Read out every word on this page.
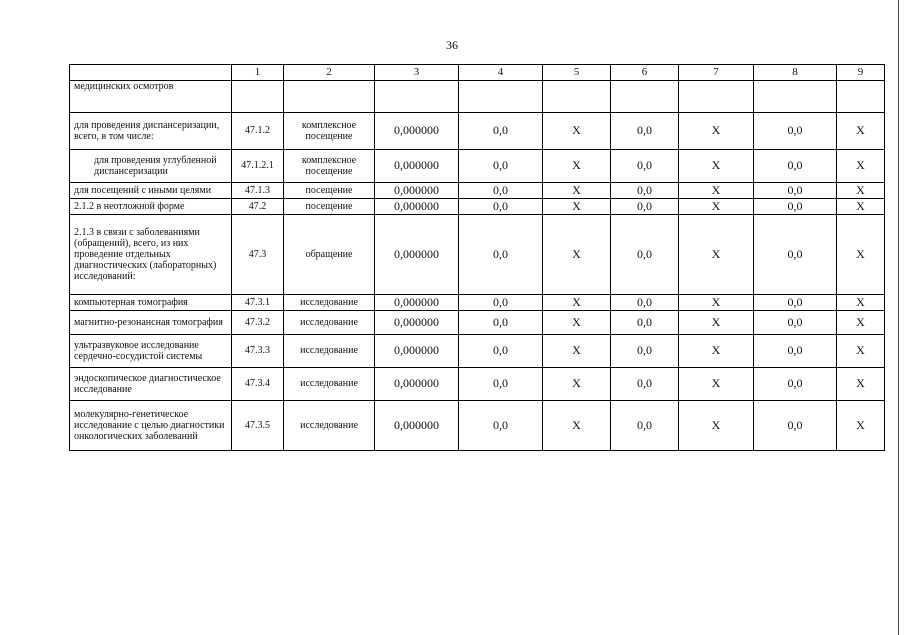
36
	1	2	3	4	5	6	7	8	9
медицинских осмотров									
для проведения диспансеризации, всего, в том числе:	47.1.2	комплексное посещение	0,000000	0,0	X	0,0	X	0,0	X
для проведения углубленной диспансеризации	47.1.2.1	комплексное посещение	0,000000	0,0	X	0,0	X	0,0	X
для посещений с иными целями	47.1.3	посещение	0,000000	0,0	X	0,0	X	0,0	X
2.1.2 в неотложной форме	47.2	посещение	0,000000	0,0	X	0,0	X	0,0	X
2.1.3 в связи с заболеваниями (обращений), всего, из них проведение отдельных диагностических (лабораторных) исследований:	47.3	обращение	0,000000	0,0	X	0,0	X	0,0	X
компьютерная томография	47.3.1	исследование	0,000000	0,0	X	0,0	X	0,0	X
магнитно-резонансная томография	47.3.2	исследование	0,000000	0,0	X	0,0	X	0,0	X
ультразвуковое исследование сердечно-сосудистой системы	47.3.3	исследование	0,000000	0,0	X	0,0	X	0,0	X
эндоскопическое диагностическое исследование	47.3.4	исследование	0,000000	0,0	X	0,0	X	0,0	X
молекулярно-генетическое исследование с целью диагностики онкологических заболеваний	47.3.5	исследование	0,000000	0,0	X	0,0	X	0,0	X
